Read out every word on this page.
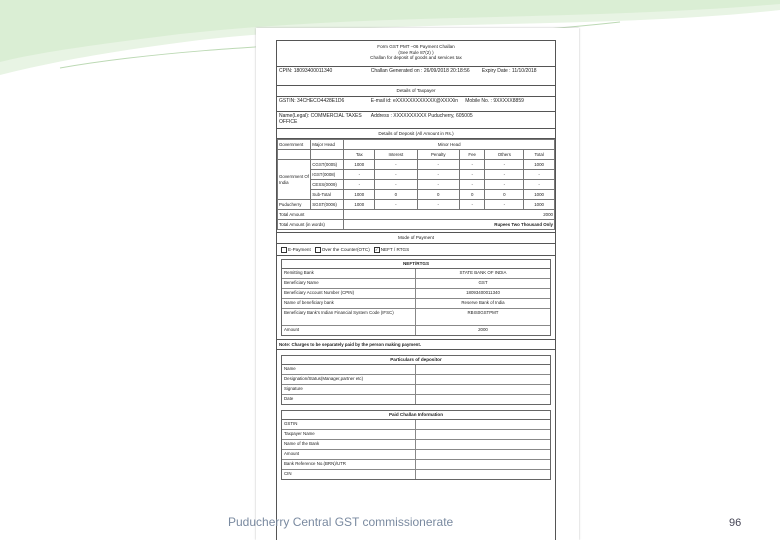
Form GST PMT –06 Payment Challan
(See Rule 87(2) )
Challan for deposit of goods and services tax
CPIN: 18093400011340	Challan Generated on : 26/09/2018 20:18:56	Expiry Date : 11/10/2018
Details of Taxpayer
GSTIN: 34CHECO4428E1D6	E-mail id: eXXXXXXXXXXXX@XXXXin	Mobile No. : 9XXXXX8859
Name(Legal): COMMERCIAL TAXES OFFICE
Address : XXXXXXXXXX Puducherry, 605005
Details of Deposit (All Amount in Rs.)
Government	Major Head	Minor Head					
		Tax	Interest	Penalty	Fee	Others	Total
Government Of India	CGST(0005)	1000	-	-	-	-	1000
	IGST(0008)	-	-	-	-	-	-
	CESS(0009)	-	-	-	-	-	-
	Sub-Total	1000	0	0	0	0	1000
Puducherry	SGST(0006)	1000	-	-	-	-	1000
Total Amount		2000					
Total Amount (in words)		Rupees Two Thousand Only					
Mode of Payment
E-Payment Over the Counter(OTC)	✓ NEFT / RTGS
NEFT/RTGS
Remitting Bank	STATE BANK OF INDIA
Beneficiary Name	GST
Beneficiary Account Number (CPIN)	18093400011340
Name of beneficiary bank	Reserve Bank of India
Beneficiary Bank's Indian Financial System Code (IFSC)	RBIS0GSTPMT
Amount	2000
Note: Charges to be separately paid by the person making payment.
Particulars of depositor
Name
Designation/Status(Manager,partner etc)
Signature
Date
Paid Challan Information
GSTIN
Taxpayer Name
Name of the Bank
Amount
Bank Reference No.(BRN)/UTR
CIN
Puducherry Central GST commissionerate	96
